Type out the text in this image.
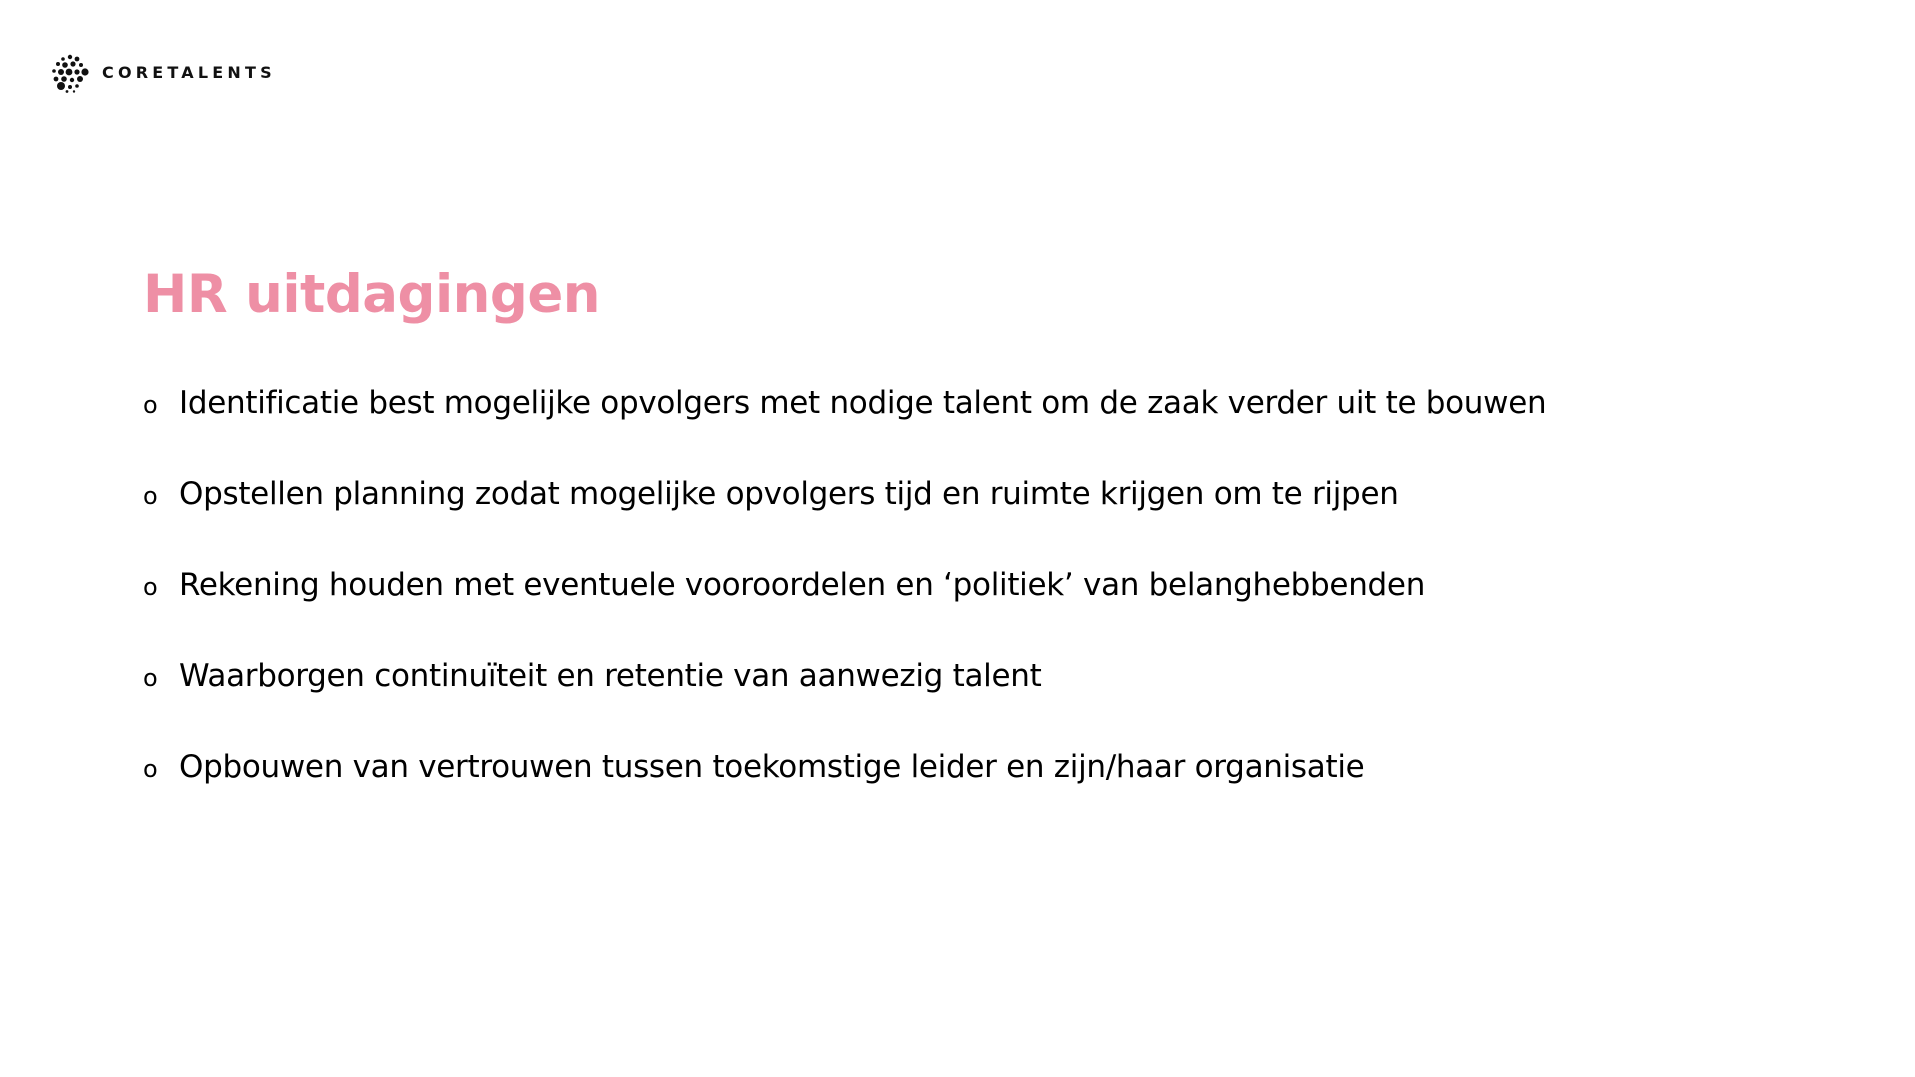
CORETALENTS
HR uitdagingen
o Identificatie best mogelijke opvolgers met nodige talent om de zaak verder uit te bouwen
o Opstellen planning zodat mogelijke opvolgers tijd en ruimte krijgen om te rijpen
o Rekening houden met eventuele vooroordelen en ‘politiek’ van belanghebbenden
o Waarborgen continuïteit en retentie van aanwezig talent
o Opbouwen van vertrouwen tussen toekomstige leider en zijn/haar organisatie
